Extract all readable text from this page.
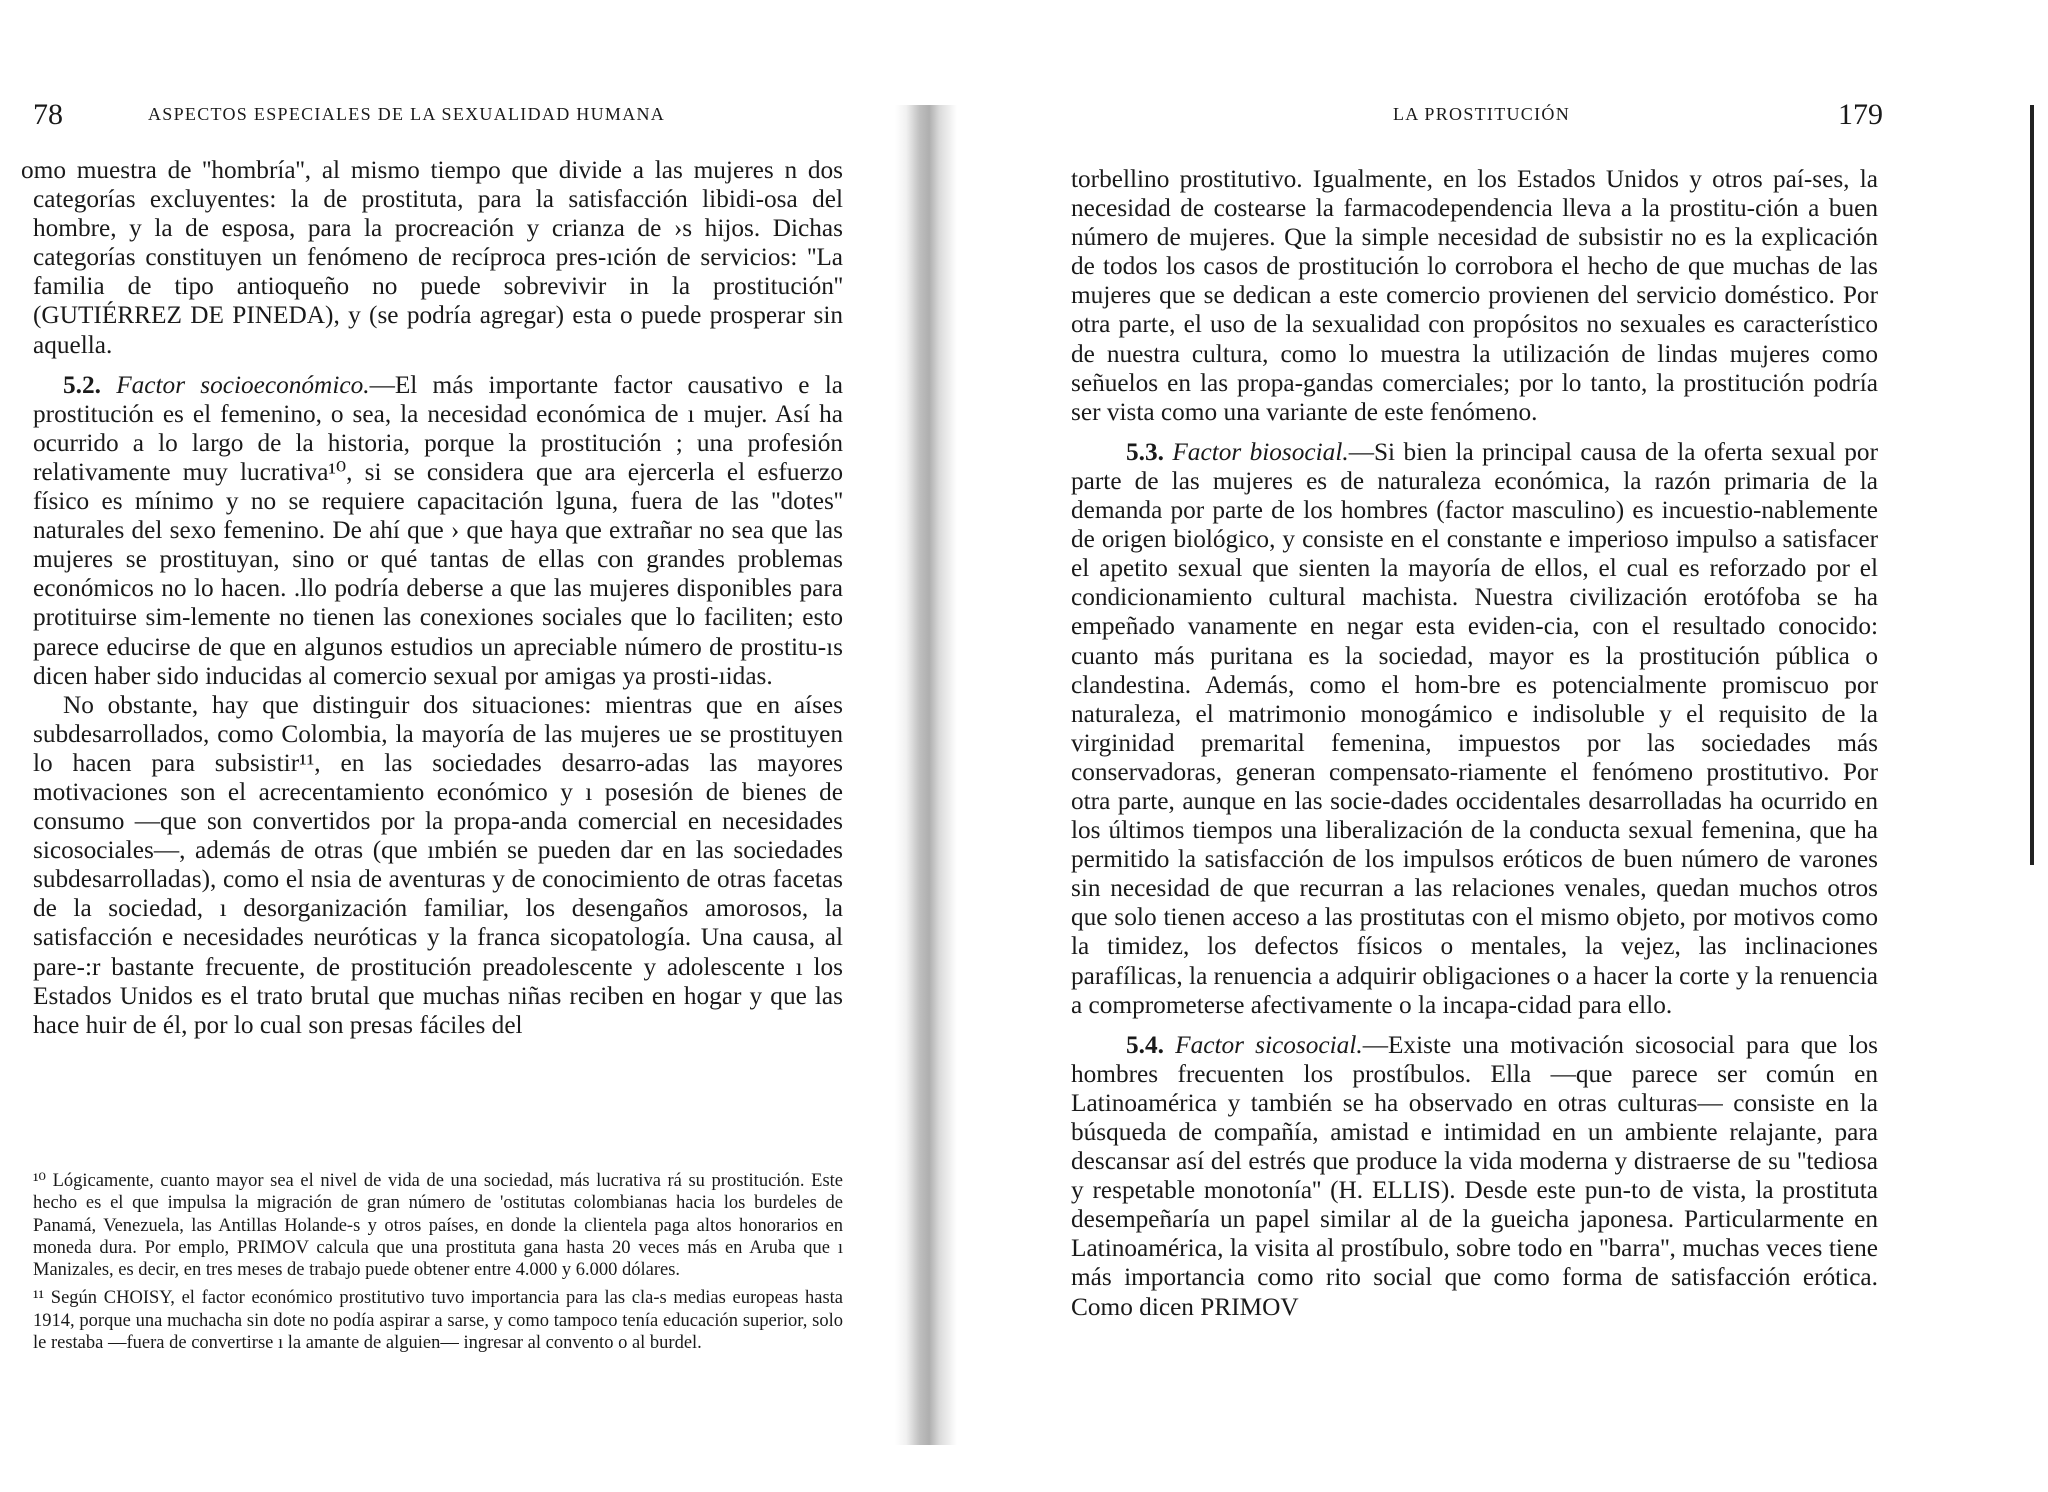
78	ASPECTOS ESPECIALES DE LA SEXUALIDAD HUMANA

omo muestra de ''hombría'', al mismo tiempo que divide a las mujeres n dos categorías excluyentes: la de prostituta, para la satisfacción libidi-osa del hombre, y la de esposa, para la procreación y crianza de ›s hijos. Dichas categorías constituyen un fenómeno de recíproca pres-ıción de servicios: ''La familia de tipo antioqueño no puede sobrevivir in la prostitución'' (GUTIÉRREZ DE PINEDA), y (se podría agregar) esta o puede prosperar sin aquella.

5.2. Factor socioeconómico.—El más importante factor causativo e la prostitución es el femenino, o sea, la necesidad económica de ı mujer. Así ha ocurrido a lo largo de la historia, porque la prostitución ; una profesión relativamente muy lucrativa¹⁰, si se considera que ara ejercerla el esfuerzo físico es mínimo y no se requiere capacitación lguna, fuera de las ''dotes'' naturales del sexo femenino. De ahí que › que haya que extrañar no sea que las mujeres se prostituyan, sino or qué tantas de ellas con grandes problemas económicos no lo hacen. .llo podría deberse a que las mujeres disponibles para protituirse sim-lemente no tienen las conexiones sociales que lo faciliten; esto parece educirse de que en algunos estudios un apreciable número de prostitu-ıs dicen haber sido inducidas al comercio sexual por amigas ya prosti-ıidas.

No obstante, hay que distinguir dos situaciones: mientras que en aíses subdesarrollados, como Colombia, la mayoría de las mujeres ue se prostituyen lo hacen para subsistir¹¹, en las sociedades desarro-adas las mayores motivaciones son el acrecentamiento económico y ı posesión de bienes de consumo —que son convertidos por la propa-anda comercial en necesidades sicosociales—, además de otras (que ımbién se pueden dar en las sociedades subdesarrolladas), como el nsia de aventuras y de conocimiento de otras facetas de la sociedad, ı desorganización familiar, los desengaños amorosos, la satisfacción e necesidades neuróticas y la franca sicopatología. Una causa, al pare-:r bastante frecuente, de prostitución preadolescente y adolescente ı los Estados Unidos es el trato brutal que muchas niñas reciben en hogar y que las hace huir de él, por lo cual son presas fáciles del

¹⁰ Lógicamente, cuanto mayor sea el nivel de vida de una sociedad, más lucrativa rá su prostitución. Este hecho es el que impulsa la migración de gran número de 'ostitutas colombianas hacia los burdeles de Panamá, Venezuela, las Antillas Holande-s y otros países, en donde la clientela paga altos honorarios en moneda dura. Por emplo, PRIMOV calcula que una prostituta gana hasta 20 veces más en Aruba que ı Manizales, es decir, en tres meses de trabajo puede obtener entre 4.000 y 6.000 dólares.

¹¹ Según CHOISY, el factor económico prostitutivo tuvo importancia para las cla-s medias europeas hasta 1914, porque una muchacha sin dote no podía aspirar a sarse, y como tampoco tenía educación superior, solo le restaba —fuera de convertirse ı la amante de alguien— ingresar al convento o al burdel.

LA PROSTITUCIÓN	179

torbellino prostitutivo. Igualmente, en los Estados Unidos y otros paí-ses, la necesidad de costearse la farmacodependencia lleva a la prostitu-ción a buen número de mujeres. Que la simple necesidad de subsistir no es la explicación de todos los casos de prostitución lo corrobora el hecho de que muchas de las mujeres que se dedican a este comercio provienen del servicio doméstico. Por otra parte, el uso de la sexualidad con propósitos no sexuales es característico de nuestra cultura, como lo muestra la utilización de lindas mujeres como señuelos en las propa-gandas comerciales; por lo tanto, la prostitución podría ser vista como una variante de este fenómeno.

5.3. Factor biosocial.—Si bien la principal causa de la oferta sexual por parte de las mujeres es de naturaleza económica, la razón primaria de la demanda por parte de los hombres (factor masculino) es incuestio-nablemente de origen biológico, y consiste en el constante e imperioso impulso a satisfacer el apetito sexual que sienten la mayoría de ellos, el cual es reforzado por el condicionamiento cultural machista. Nuestra civilización erotófoba se ha empeñado vanamente en negar esta eviden-cia, con el resultado conocido: cuanto más puritana es la sociedad, mayor es la prostitución pública o clandestina. Además, como el hom-bre es potencialmente promiscuo por naturaleza, el matrimonio monogámico e indisoluble y el requisito de la virginidad premarital femenina, impuestos por las sociedades más conservadoras, generan compensato-riamente el fenómeno prostitutivo. Por otra parte, aunque en las socie-dades occidentales desarrolladas ha ocurrido en los últimos tiempos una liberalización de la conducta sexual femenina, que ha permitido la satisfacción de los impulsos eróticos de buen número de varones sin necesidad de que recurran a las relaciones venales, quedan muchos otros que solo tienen acceso a las prostitutas con el mismo objeto, por motivos como la timidez, los defectos físicos o mentales, la vejez, las inclinaciones parafílicas, la renuencia a adquirir obligaciones o a hacer la corte y la renuencia a comprometerse afectivamente o la incapa-cidad para ello.

5.4. Factor sicosocial.—Existe una motivación sicosocial para que los hombres frecuenten los prostíbulos. Ella —que parece ser común en Latinoamérica y también se ha observado en otras culturas— consiste en la búsqueda de compañía, amistad e intimidad en un ambiente relajante, para descansar así del estrés que produce la vida moderna y distraerse de su ''tediosa y respetable monotonía'' (H. ELLIS). Desde este pun-to de vista, la prostituta desempeñaría un papel similar al de la gueicha japonesa. Particularmente en Latinoamérica, la visita al prostíbulo, sobre todo en ''barra'', muchas veces tiene más importancia como rito social que como forma de satisfacción erótica. Como dicen PRIMOV
